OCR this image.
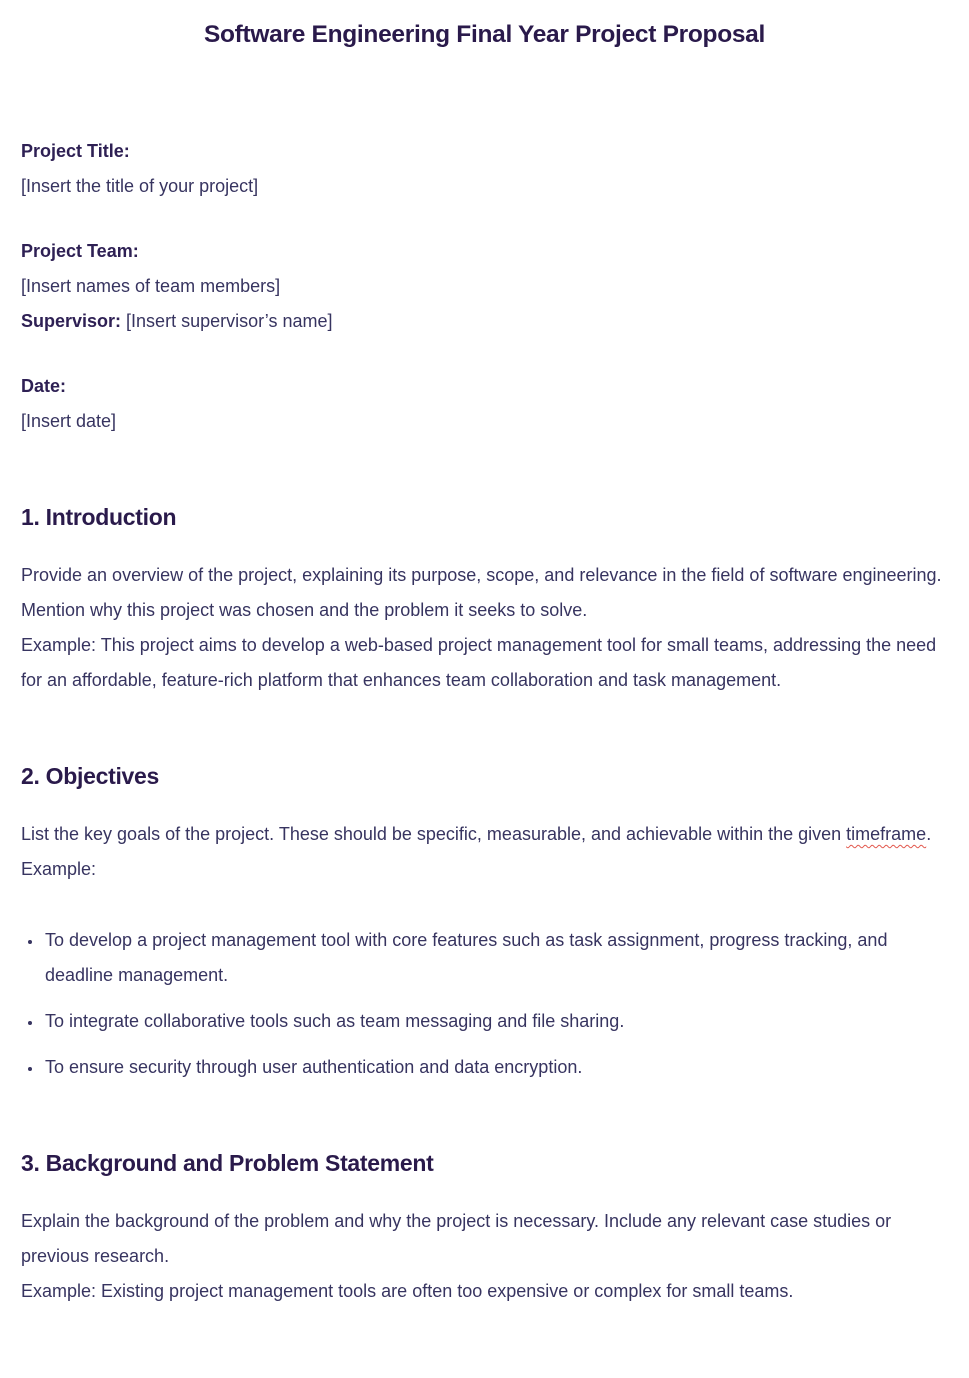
Software Engineering Final Year Project Proposal

Project Title:

[Insert the title of your project]

Project Team:

[Insert names of team members]

Supervisor: [Insert supervisor’s name]

Date:

[Insert date]

1. Introduction

Provide an overview of the project, explaining its purpose, scope, and relevance in the field of software engineering. Mention why this project was chosen and the problem it seeks to solve.
Example: This project aims to develop a web-based project management tool for small teams, addressing the need for an affordable, feature-rich platform that enhances team collaboration and task management.

2. Objectives

List the key goals of the project. These should be specific, measurable, and achievable within the given timeframe.
Example:

• To develop a project management tool with core features such as task assignment, progress tracking, and deadline management.
• To integrate collaborative tools such as team messaging and file sharing.
• To ensure security through user authentication and data encryption.
3. Background and Problem Statement

Explain the background of the problem and why the project is necessary. Include any relevant case studies or previous research.
Example: Existing project management tools are often too expensive or complex for small teams.
